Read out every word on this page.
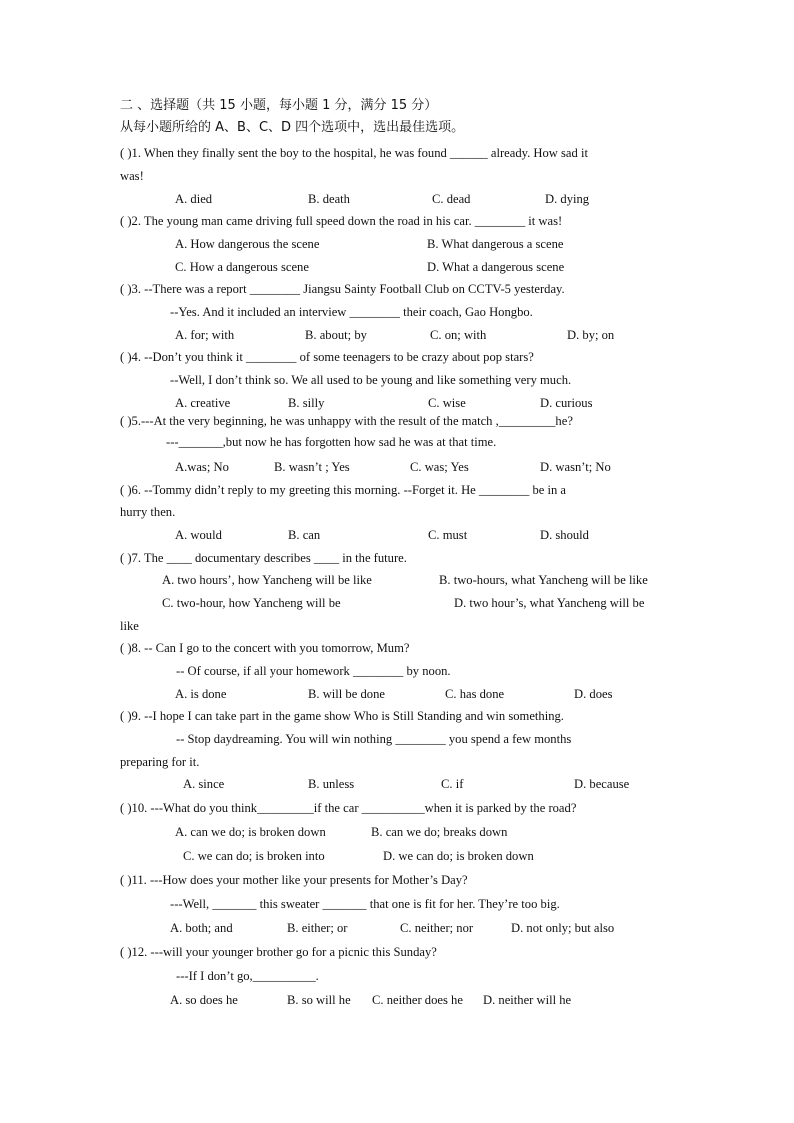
二 、选择题（共 15 小题，每小题 1 分，满分 15 分）
从每小题所给的 A、B、C、D 四个选项中，选出最佳选项。
( )1. When they finally sent the boy to the hospital, he was found ______ already. How sad it
was!
A. died	B. death	C. dead	D. dying
( )2. The young man came driving full speed down the road in his car. ________ it was!
A. How dangerous the scene	B. What dangerous a scene
C. How a dangerous scene	D. What a dangerous scene
( )3. --There was a report ________ Jiangsu Sainty Football Club on CCTV-5 yesterday.
--Yes. And it included an interview ________ their coach, Gao Hongbo.
A. for; with	B. about; by	C. on; with	D. by; on
( )4. --Don’t you think it ________ of some teenagers to be crazy about pop stars?
--Well, I don’t think so. We all used to be young and like something very much.
A. creative	B. silly	C. wise	D. curious
( )5.---At the very beginning, he was unhappy with the result of the match ,_________he?
---_______,but now he has forgotten how sad he was at that time.
A.was; No	B. wasn’t ; Yes	C. was; Yes	D. wasn’t; No
( )6. --Tommy didn’t reply to my greeting this morning. --Forget it. He ________ be in a
hurry then.
A. would	B. can	C. must	D. should
( )7. The ____ documentary describes ____ in the future.
A. two hours’, how Yancheng will be like	B. two-hours, what Yancheng will be like
C. two-hour, how Yancheng will be	D. two hour’s, what Yancheng will be
like
( )8. -- Can I go to the concert with you tomorrow, Mum?
-- Of course, if all your homework ________ by noon.
A. is done	B. will be done	C. has done	D. does
( )9. --I hope I can take part in the game show Who is Still Standing and win something.
-- Stop daydreaming. You will win nothing ________ you spend a few months
preparing for it.
A. since	B. unless	C. if	D. because
( )10. ---What do you think_________if the car __________when it is parked by the road?
A. can we do; is broken down	B. can we do; breaks down
C. we can do; is broken into	D. we can do; is broken down
( )11. ---How does your mother like your presents for Mother’s Day?
---Well, _______ this sweater _______ that one is fit for her. They’re too big.
A. both; and	B. either; or	C. neither; nor	D. not only; but also
( )12. ---will your younger brother go for a picnic this Sunday?
---If I don’t go,__________.
A. so does he	B. so will he C. neither does he D. neither will he
